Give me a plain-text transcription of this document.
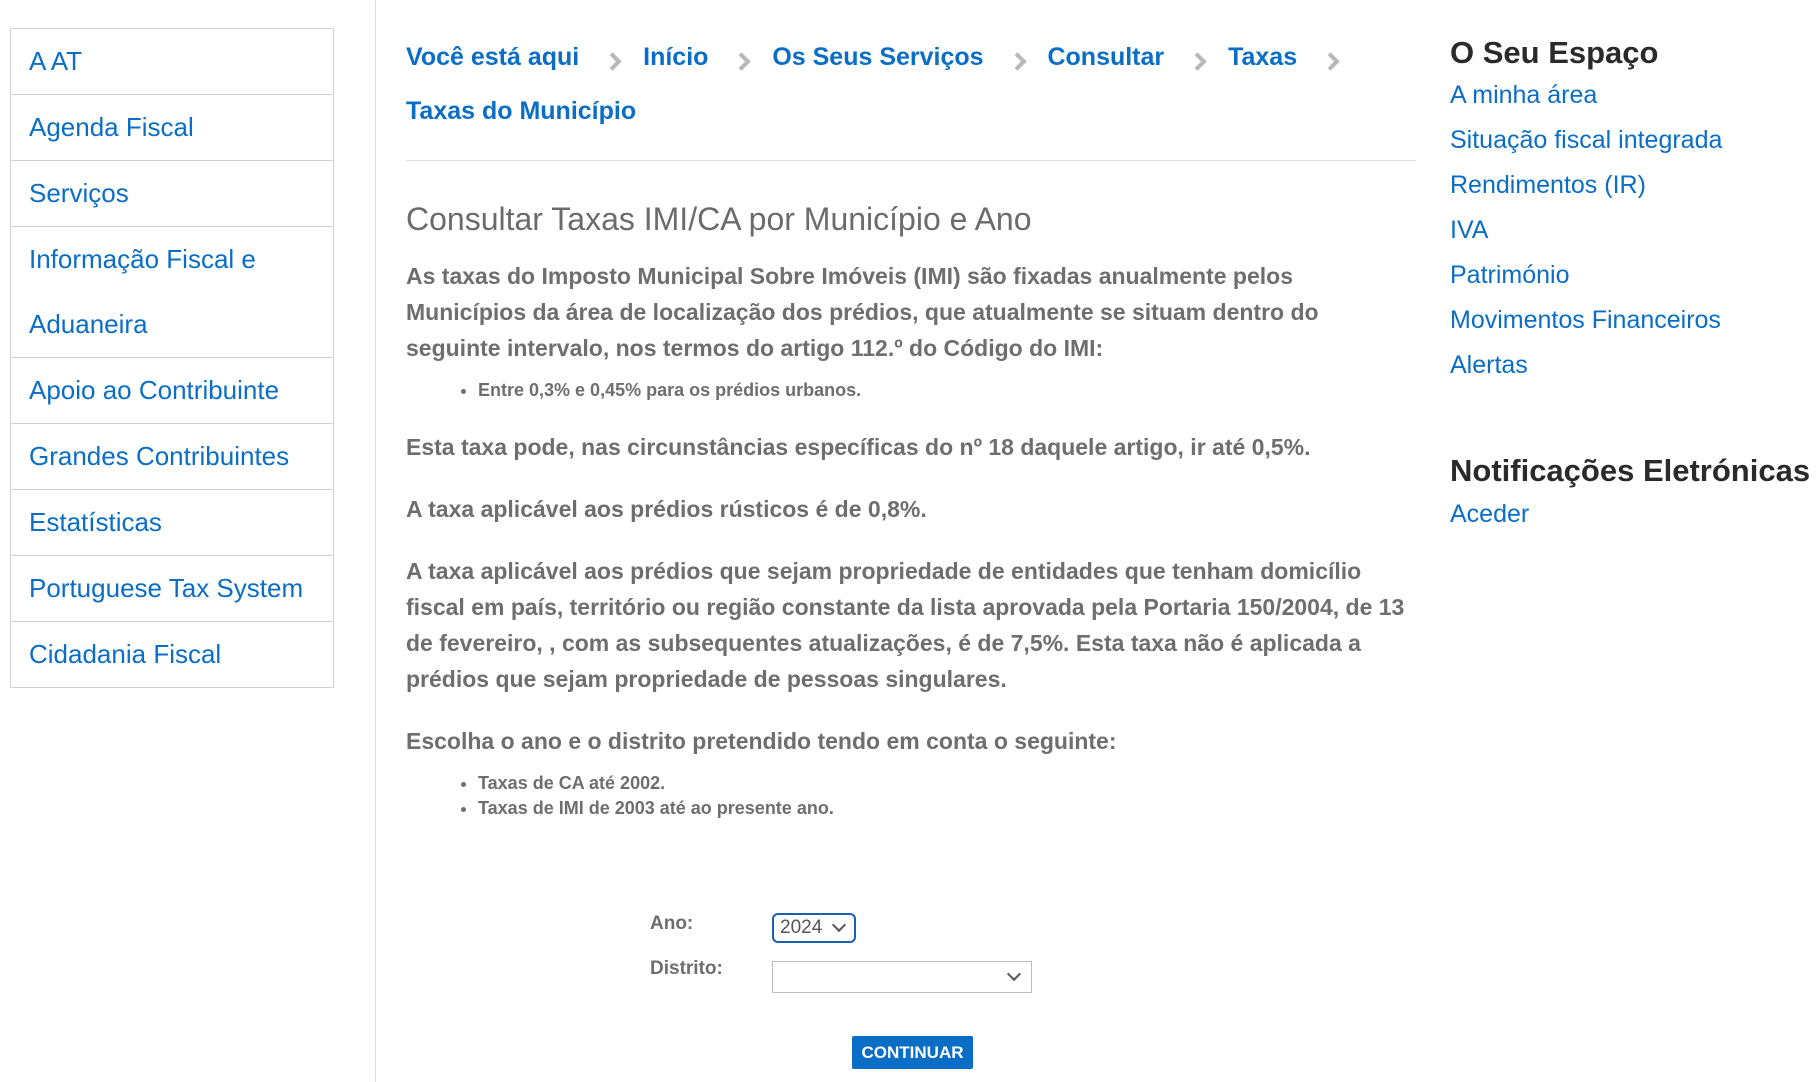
A AT
Agenda Fiscal
Serviços
Informação Fiscal e
Aduaneira
Apoio ao Contribuinte
Grandes Contribuintes
Estatísticas
Portuguese Tax System
Cidadania Fiscal
Você está aqui	Início	Os Seus Serviços	Consultar	Taxas  Taxas do Município
Consultar Taxas IMI/CA por Município e Ano

As taxas do Imposto Municipal Sobre Imóveis (IMI) são fixadas anualmente pelos Municípios da área de localização dos prédios, que atualmente se situam dentro do seguinte intervalo, nos termos do artigo 112.º do Código do IMI:

• Entre 0,3% e 0,45% para os prédios urbanos.

Esta taxa pode, nas circunstâncias específicas do nº 18 daquele artigo, ir até 0,5%.

A taxa aplicável aos prédios rústicos é de 0,8%.

A taxa aplicável aos prédios que sejam propriedade de entidades que tenham domicílio fiscal em país, território ou região constante da lista aprovada pela Portaria 150/2004, de 13 de fevereiro, , com as subsequentes atualizações, é de 7,5%. Esta taxa não é aplicada a prédios que sejam propriedade de pessoas singulares.

Escolha o ano e o distrito pretendido tendo em conta o seguinte:

• Taxas de CA até 2002.
• Taxas de IMI de 2003 até ao presente ano.
Ano:	2024
Distrito:
CONTINUAR
O Seu Espaço
A minha área
Situação fiscal integrada
Rendimentos (IR)
IVA
Património
Movimentos Financeiros
Alertas
Notificações Eletrónicas
Aceder
